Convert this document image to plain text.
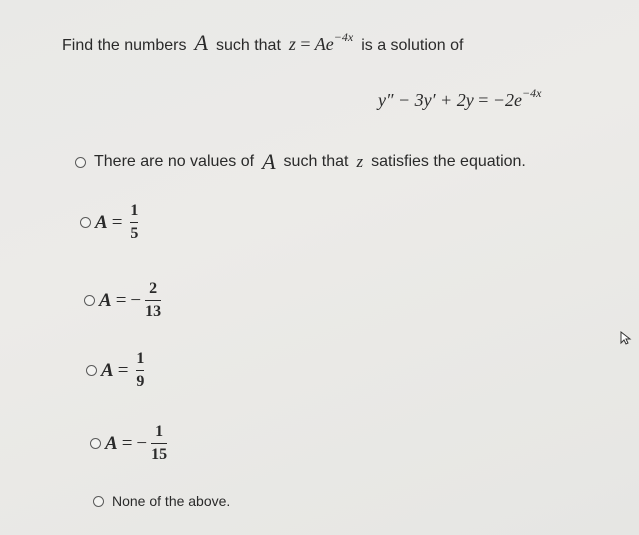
Find the numbers A such that $z = Ae^{-4x}$ is a solution of
$y'' - 3y' + 2y = -2e^{-4x}$
There are no values of A such that z satisfies the equation.
$A = \frac{1}{5}$
A = − $\frac{2}{13}$
$A = \frac{1}{9}$
A = − $\frac{1}{15}$
None of the above.
